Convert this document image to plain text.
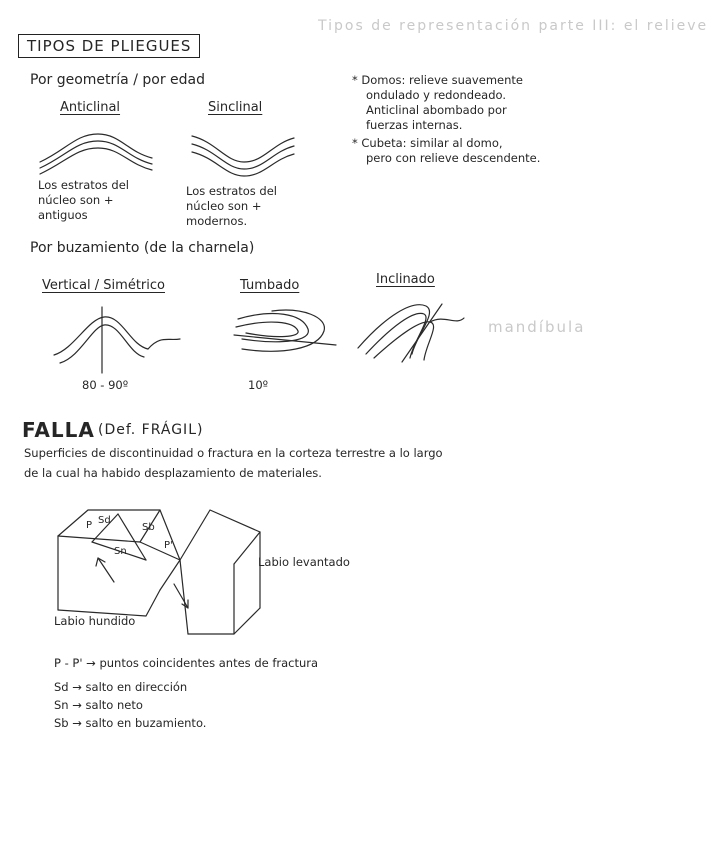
Tipos de representación parte III: el relieve
TIPOS DE PLIEGUES
Por geometría / por edad
Anticlinal
Los estratos del
núcleo son +
antiguos
Sinclinal
Los estratos del
núcleo son +
modernos.
* Domos: relieve suavemente
ondulado y redondeado.
Anticlinal abombado por
fuerzas internas.
* Cubeta: similar al domo,
pero con relieve descendente.
Por buzamiento (de la charnela)
Vertical / Simétrico
80 - 90º
Tumbado
10º
Inclinado
mandíbula
FALLA (Def. FRÁGIL)
Superficies de discontinuidad o fractura en la corteza terrestre a lo largo
de la cual ha habido desplazamiento de materiales.
P Sd
Sb
Sn
P'
Labio levantado
Labio hundido
P - P' → puntos coincidentes antes de fractura
Sd → salto en dirección
Sn → salto neto
Sb → salto en buzamiento.
